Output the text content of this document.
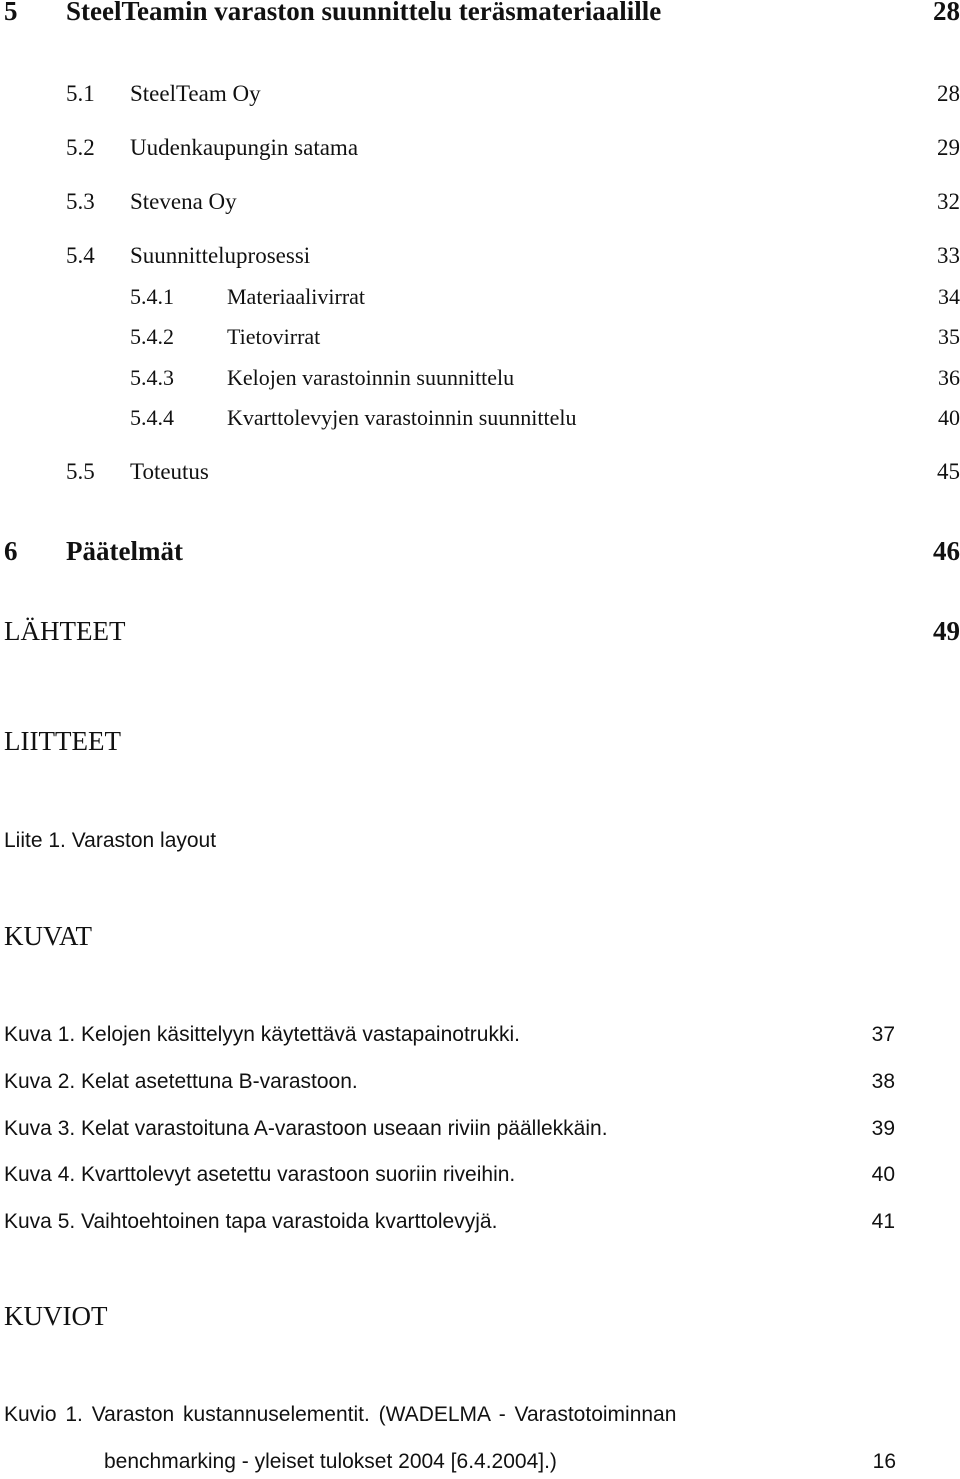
5 SteelTeamin varaston suunnittelu teräsmateriaalille	28
5.1 SteelTeam Oy	28
5.2 Uudenkaupungin satama	29
5.3 Stevena Oy	32
5.4 Suunnitteluprosessi	33
5.4.1 Materiaalivirrat	34
5.4.2 Tietovirrat	35
5.4.3 Kelojen varastoinnin suunnittelu	36
5.4.4 Kvarttolevyjen varastoinnin suunnittelu	40
5.5 Toteutus	45
6 Päätelmät	46
LÄHTEET	49
LIITTEET
Liite 1. Varaston layout
KUVAT
Kuva 1. Kelojen käsittelyyn käytettävä vastapainotrukki.	37
Kuva 2. Kelat asetettuna B-varastoon.	38
Kuva 3. Kelat varastoituna A-varastoon useaan riviin päällekkäin.	39
Kuva 4. Kvarttolevyt asetettu varastoon suoriin riveihin.	40
Kuva 5. Vaihtoehtoinen tapa varastoida kvarttolevyjä.	41
KUVIOT
Kuvio 1. Varaston kustannuselementit. (WADELMA - Varastotoiminnan
benchmarking - yleiset tulokset 2004 [6.4.2004].)	16
